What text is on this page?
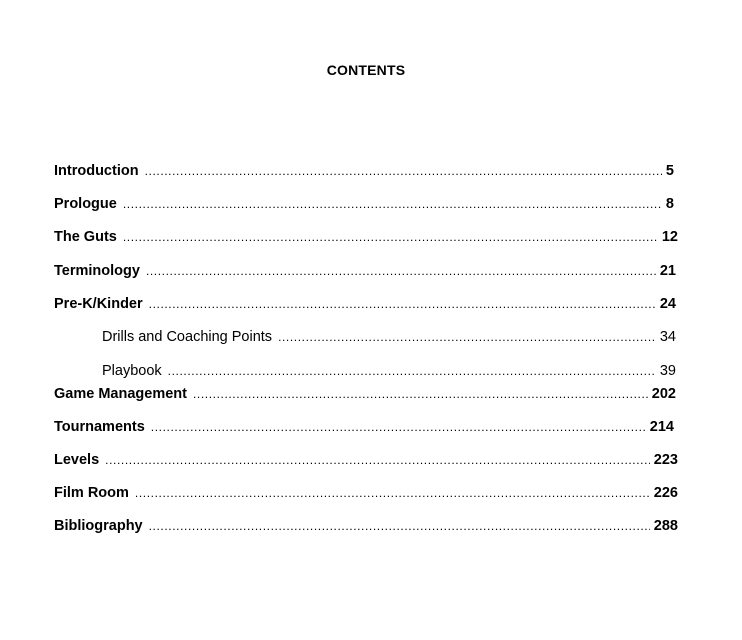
CONTENTS
Introduction .....	5
Prologue .....	8
The Guts .....	12
Terminology .....	21
Pre-K/Kinder .....	24
Drills and Coaching Points .....	34
Playbook .....	39
Game Management .....	202
Tournaments .....	214
Levels .....	223
Film Room .....	226
Bibliography .....	288
